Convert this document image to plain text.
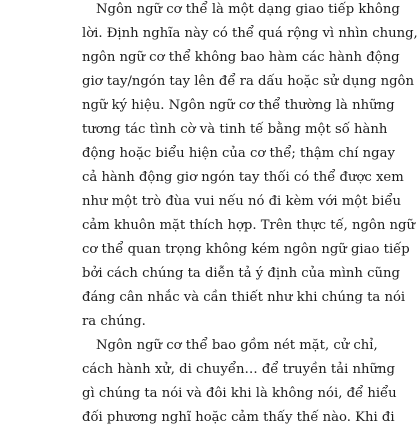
Ngôn ngữ cơ thể là một dạng giao tiếp không
lời. Định nghĩa này có thể quá rộng vì nhìn chung,
ngôn ngữ cơ thể không bao hàm các hành động
giơ tay/ngón tay lên để ra dấu hoặc sử dụng ngôn
ngữ ký hiệu. Ngôn ngữ cơ thể thường là những
tương tác tình cờ và tinh tế bằng một số hành
động hoặc biểu hiện của cơ thể; thậm chí ngay
cả hành động giơ ngón tay thối có thể được xem
như một trò đùa vui nếu nó đi kèm với một biểu
cảm khuôn mặt thích hợp. Trên thực tế, ngôn ngữ
cơ thể quan trọng không kém ngôn ngữ giao tiếp
bởi cách chúng ta diễn tả ý định của mình cũng
đáng cân nhắc và cần thiết như khi chúng ta nói
ra chúng.
Ngôn ngữ cơ thể bao gồm nét mặt, cử chỉ,
cách hành xử, di chuyển… để truyền tải những
gì chúng ta nói và đôi khi là không nói, để hiểu
đối phương nghĩ hoặc cảm thấy thế nào. Khi đi
